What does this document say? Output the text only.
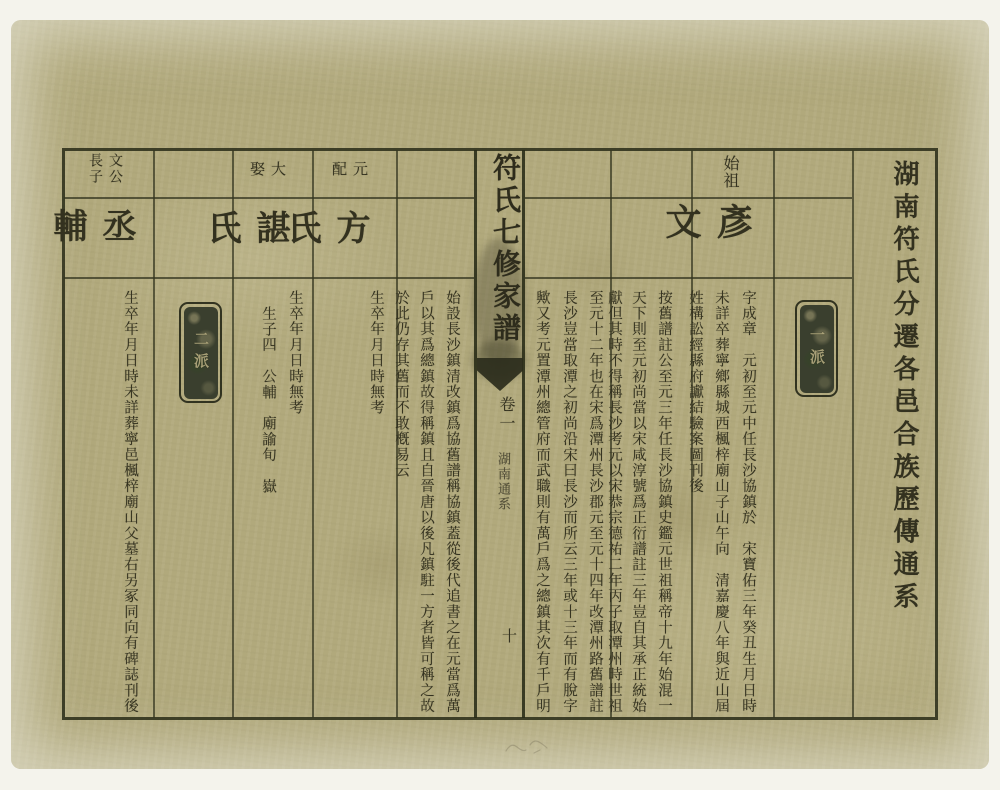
湖南符氏分遷各邑合族歷傳通系
符氏七修家譜
卷一
湖南通系
十
一派
始祖
彥文
字成章　元初至元中任長沙協鎮於　宋寶佑三年癸丑生月日時
未詳卒葬寧鄉縣城西楓梓廟山子山午向　清嘉慶八年與近山屆
姓構訟經縣府讞結驗案圖刊後
按舊譜註公至元三年任長沙協鎮史鑑元世祖稱帝十九年始混一
天下則至元初尚當以宋咸淳號爲正衍譜註三年豈自其承正統始
獻但其時不得稱長沙考元以宋恭宗德祐二年丙子取潭州時世祖
至元十二年也在宋爲潭州長沙郡元至元十四年改潭州路舊譜註
長沙豈當取潭之初尚沿宋曰長沙而所云三年或十三年而有脫字
歟又考元置潭州總管府而武職則有萬戶爲之總鎮其次有千戶明
始設長沙鎮清改鎮爲協舊譜稱協鎮蓋從後代追書之在元當爲萬
戶以其爲總鎮故得稱鎮且自晉唐以後凡鎮駐一方者皆可稱之故
於此仍存其舊而不敢槪易云
元配
方氏
生卒年月日時無考
大娶
諶氏
生卒年月日時無考
生子四　公輔　廟諭旬　嶽
二派
文公長子
丞輔
生卒年月日時未詳葬寧邑楓梓廟山父墓右另冢同向有碑誌刊後
